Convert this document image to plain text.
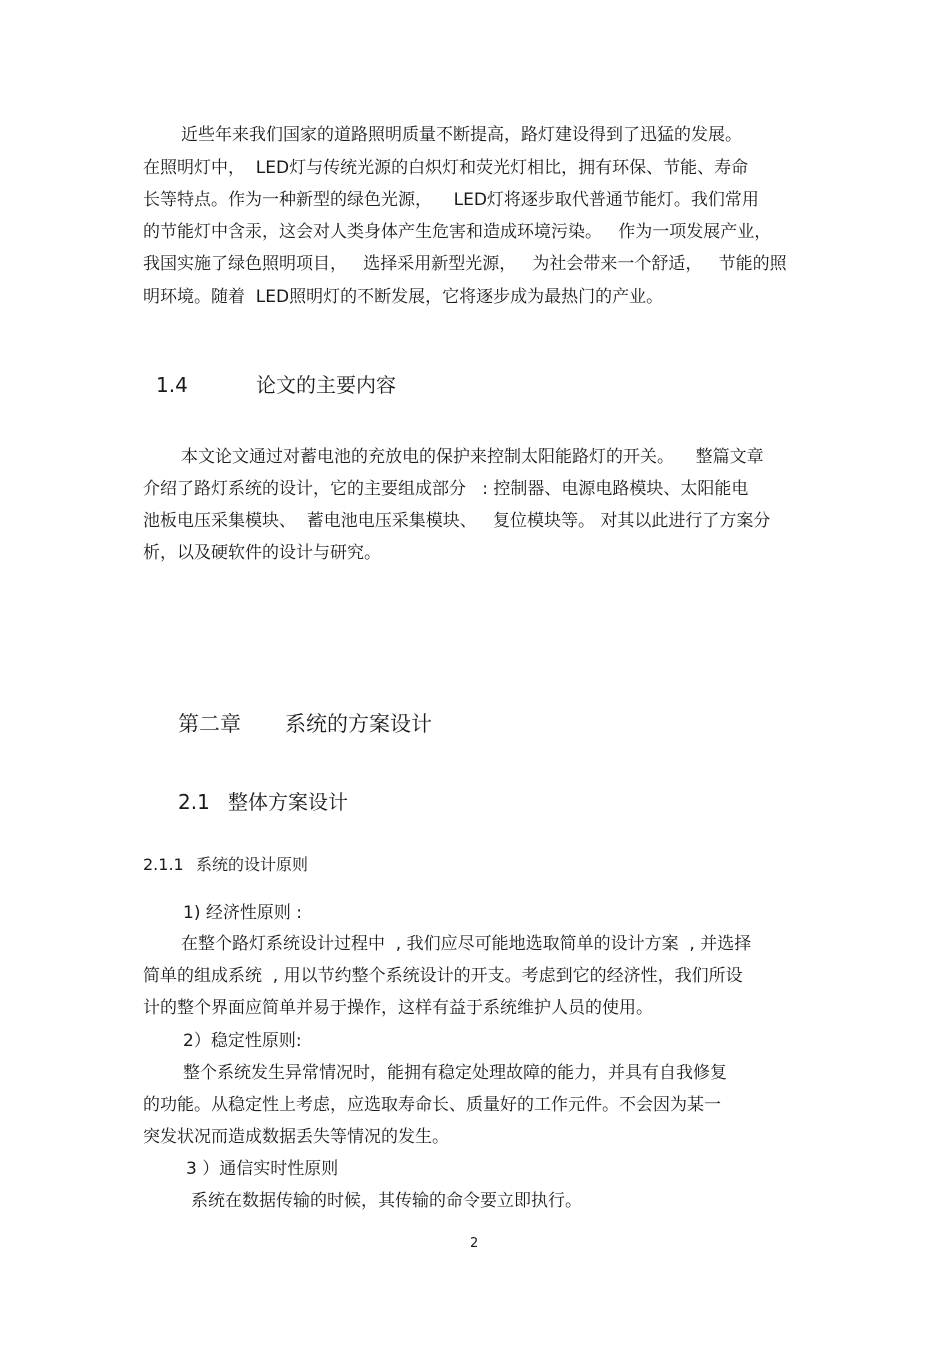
近些年来我们国家的道路照明质量不断提高，路灯建设得到了迅猛的发展。
在照明灯中，  LED灯与传统光源的白炽灯和荧光灯相比，拥有环保、节能、寿命
长等特点。作为一种新型的绿色光源，    LED灯将逐步取代普通节能灯。我们常用
的节能灯中含汞，这会对人类身体产生危害和造成环境污染。   作为一项发展产业，
我国实施了绿色照明项目，   选择采用新型光源，   为社会带来一个舒适，   节能的照
明环境。随着  LED照明灯的不断发展，它将逐步成为最热门的产业。
1.4	论文的主要内容
本文论文通过对蓄电池的充放电的保护来控制太阳能路灯的开关。    整篇文章
介绍了路灯系统的设计，它的主要组成部分   : 控制器、电源电路模块、太阳能电
池板电压采集模块、  蓄电池电压采集模块、   复位模块等。 对其以此进行了方案分
析，以及硬软件的设计与研究。
第二章 系统的方案设计
2.1 整体方案设计
2.1.1 系统的设计原则
1) 经济性原则 :
在整个路灯系统设计过程中  , 我们应尽可能地选取简单的设计方案  , 并选择
简单的组成系统  , 用以节约整个系统设计的开支。考虑到它的经济性，我们所设
计的整个界面应简单并易于操作，这样有益于系统维护人员的使用。
2）稳定性原则:
整个系统发生异常情况时，能拥有稳定处理故障的能力，并具有自我修复
的功能。从稳定性上考虑，应选取寿命长、质量好的工作元件。不会因为某一
突发状况而造成数据丢失等情况的发生。
3 ）通信实时性原则
系统在数据传输的时候，其传输的命令要立即执行。
2
